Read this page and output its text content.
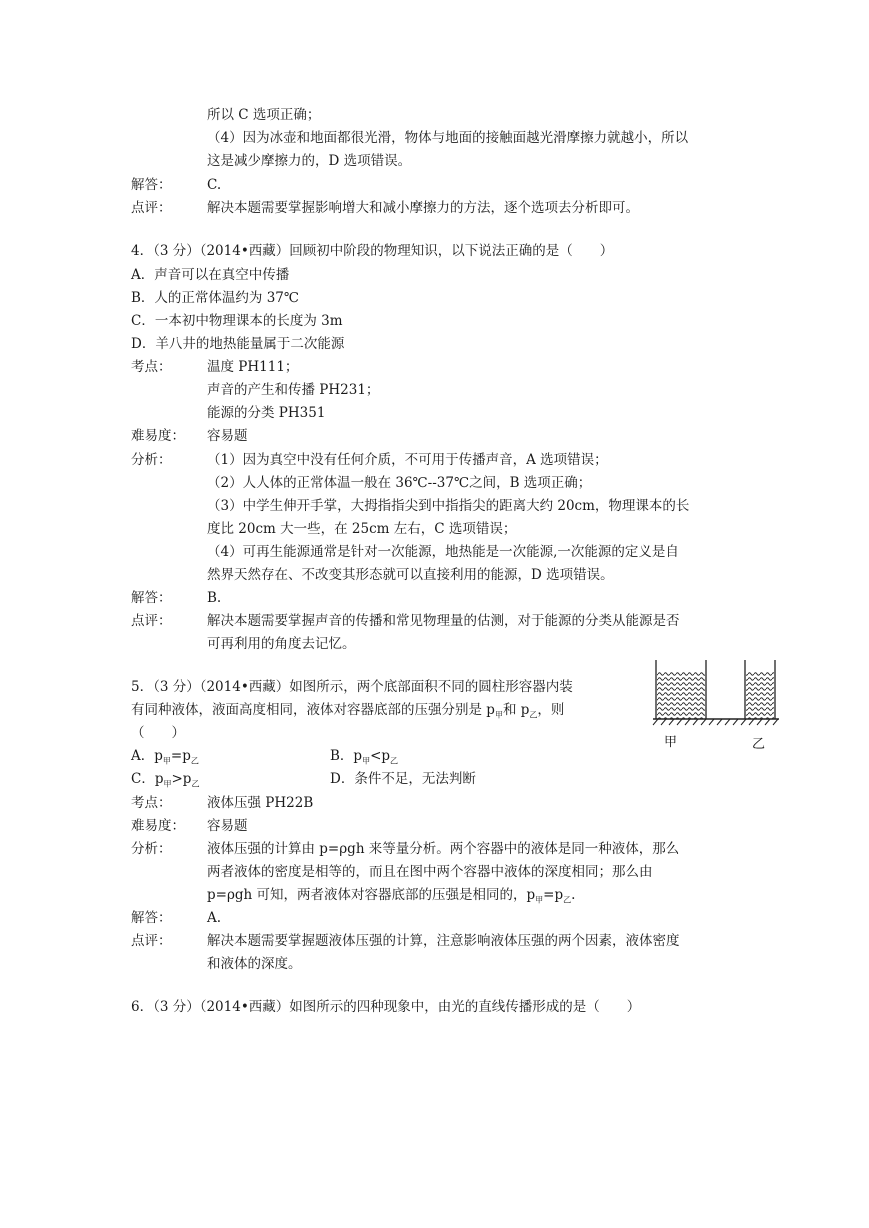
所以 C 选项正确；
（4）因为冰壶和地面都很光滑，物体与地面的接触面越光滑摩擦力就越小，所以
这是减少摩擦力的，D 选项错误。
解答：	C.
点评：	解决本题需要掌握影响增大和减小摩擦力的方法，逐个选项去分析即可。
4．（3 分）（2014•西藏）回顾初中阶段的物理知识，以下说法正确的是（　　）
A．声音可以在真空中传播
B．人的正常体温约为 37℃
C．一本初中物理课本的长度为 3m
D．羊八井的地热能量属于二次能源
考点：	温度 PH111；
声音的产生和传播 PH231；
能源的分类 PH351
难易度： 容易题
分析：	（1）因为真空中没有任何介质，不可用于传播声音，A 选项错误；
（2）人人体的正常体温一般在 36℃--37℃之间，B 选项正确；
（3）中学生伸开手掌，大拇指指尖到中指指尖的距离大约 20cm，物理课本的长
度比 20cm 大一些，在 25cm 左右，C 选项错误；
（4）可再生能源通常是针对一次能源，地热能是一次能源,一次能源的定义是自
然界天然存在、不改变其形态就可以直接利用的能源，D 选项错误。
解答：	B.
点评：	解决本题需要掌握声音的传播和常见物理量的估测，对于能源的分类从能源是否
可再利用的角度去记忆。
5．（3 分）（2014•西藏）如图所示，两个底部面积不同的圆柱形容器内装
有同种液体，液面高度相同，液体对容器底部的压强分别是 $p_甲$和 $p_乙$，则
（　　）
A．$p_甲=p_乙$	B．$p_甲<p_乙$
C．$p_甲>p_乙$	D．条件不足，无法判断
甲	乙
考点：	液体压强 PH22B
难易度： 容易题
分析：	液体压强的计算由 p=ρgh 来等量分析。两个容器中的液体是同一种液体，那么
两者液体的密度是相等的，而且在图中两个容器中液体的深度相同；那么由
p=ρgh 可知，两者液体对容器底部的压强是相同的，$p_甲=p_乙$.
解答：	A.
点评：	解决本题需要掌握题液体压强的计算，注意影响液体压强的两个因素，液体密度
和液体的深度。
6．（3 分）（2014•西藏）如图所示的四种现象中，由光的直线传播形成的是（　　）
